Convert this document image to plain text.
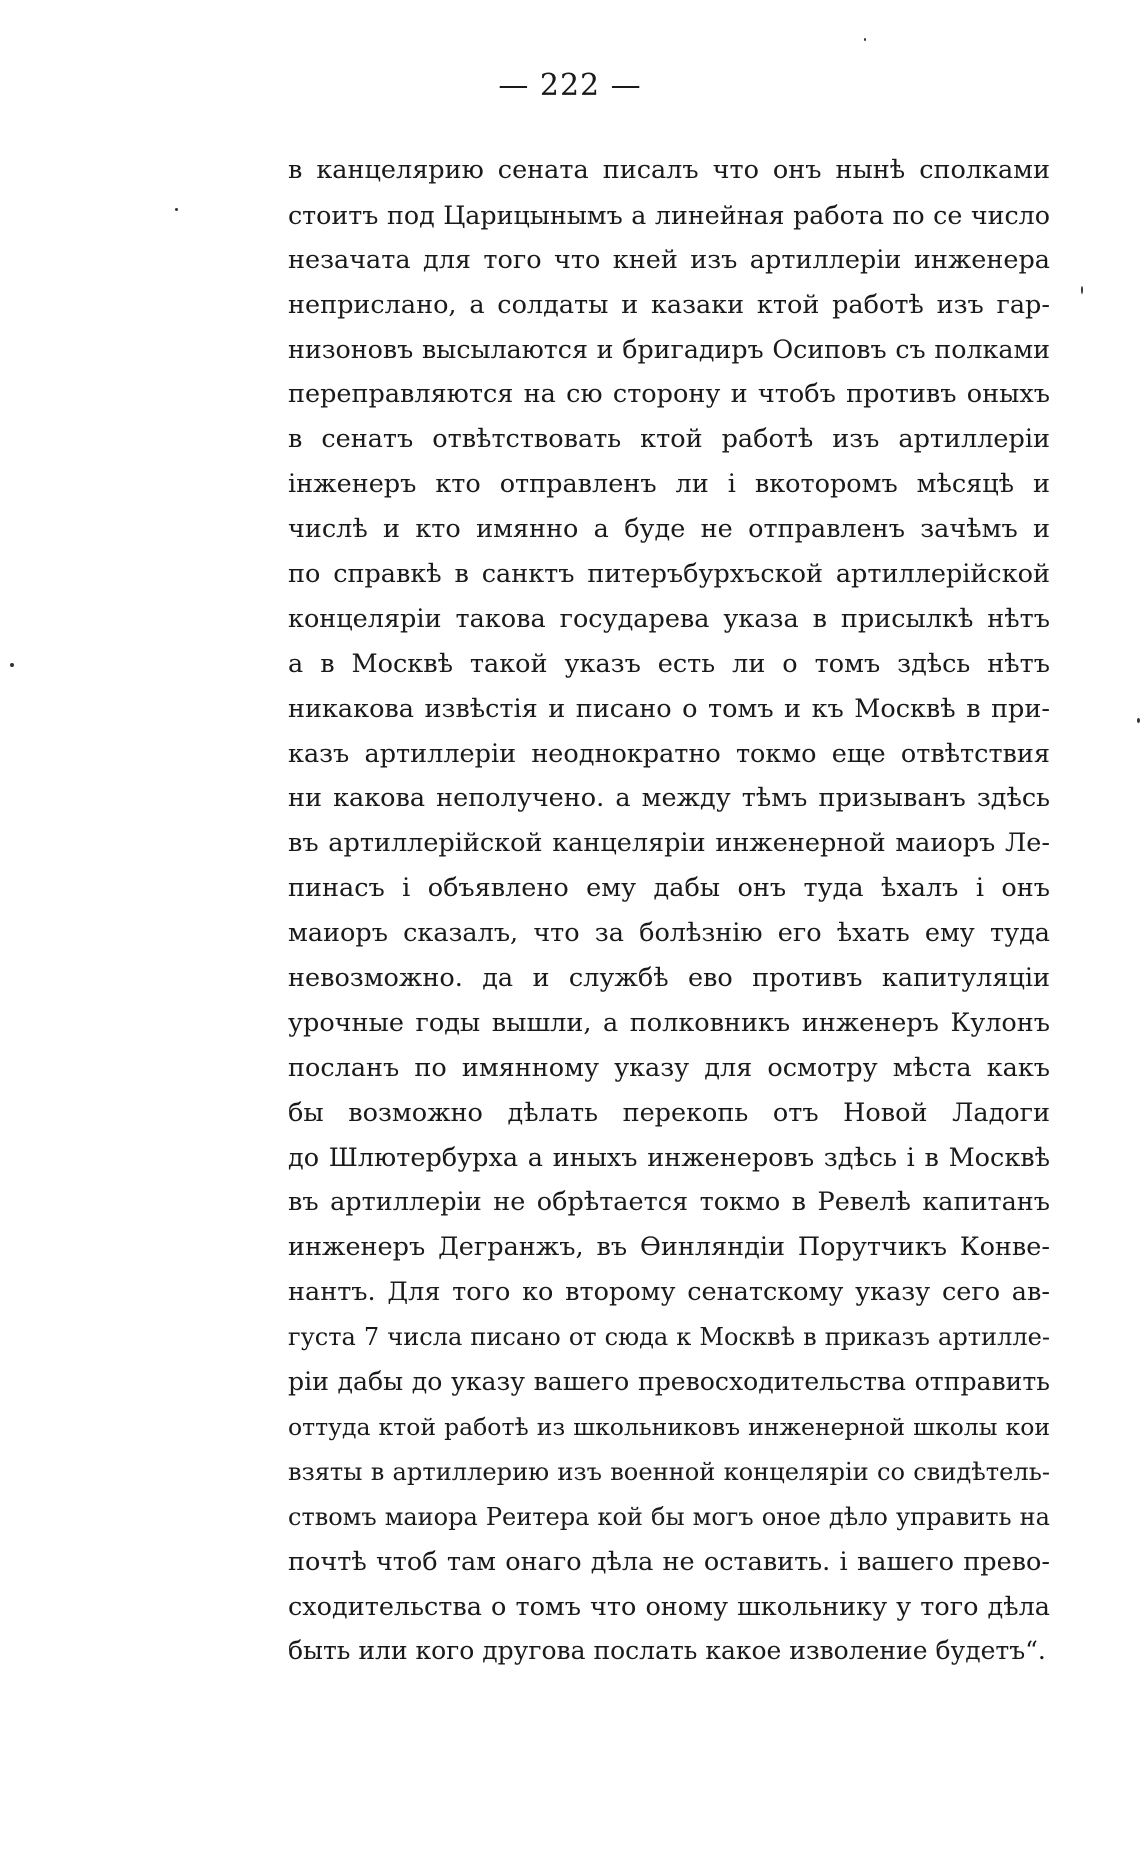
— 222 —
в канцелярию сената писалъ что онъ нынѣ сполками
стоитъ под Царицынымъ а линейная работа по се число
незачата для того что кней изъ артиллеріи инженера
неприслано, а солдаты и казаки ктой работѣ изъ гар-
низоновъ высылаются и бригадиръ Осиповъ съ полками
переправляются на сю сторону и чтобъ противъ оныхъ
в сенатъ отвѣтствовать ктой работѣ изъ артиллеріи
інженеръ кто отправленъ ли і вкоторомъ мѣсяцѣ и
числѣ и кто имянно а буде не отправленъ зачѣмъ и
по справкѣ в санктъ питеръбурхъской артиллерійской
концеляріи такова государева указа в присылкѣ нѣтъ
а в Москвѣ такой указъ есть ли о томъ здѣсь нѣтъ
никакова извѣстія и писано о томъ и къ Москвѣ в при-
казъ артиллеріи неоднократно токмо еще отвѣтствия
ни какова неполучено. а между тѣмъ призыванъ здѣсь
въ артиллерійской канцеляріи инженерной маиоръ Ле-
пинасъ і объявлено ему дабы онъ туда ѣхалъ і онъ
маиоръ сказалъ, что за болѣзнію его ѣхать ему туда
невозможно. да и службѣ ево противъ капитуляціи
урочные годы вышли, а полковникъ инженеръ Кулонъ
посланъ по имянному указу для осмотру мѣста какъ
бы возможно дѣлать перекопь отъ Новой Ладоги
до Шлютербурха а иныхъ инженеровъ здѣсь і в Москвѣ
въ артиллеріи не обрѣтается токмо в Ревелѣ капитанъ
инженеръ Дегранжъ, въ Ѳинляндіи Порутчикъ Конве-
нантъ. Для того ко второму сенатскому указу сего ав-
густа 7 числа писано от сюда к Москвѣ в приказъ артилле-
ріи дабы до указу вашего превосходительства отправить
оттуда ктой работѣ из школьниковъ инженерной школы кои
взяты в артиллерию изъ военной концеляріи со свидѣтель-
ствомъ маиора Реитера кой бы могъ оное дѣло управить на
почтѣ чтоб там онаго дѣла не оставить. і вашего прево-
сходительства о томъ что оному школьнику у того дѣла
быть или кого другова послать какое изволение будетъ“.
